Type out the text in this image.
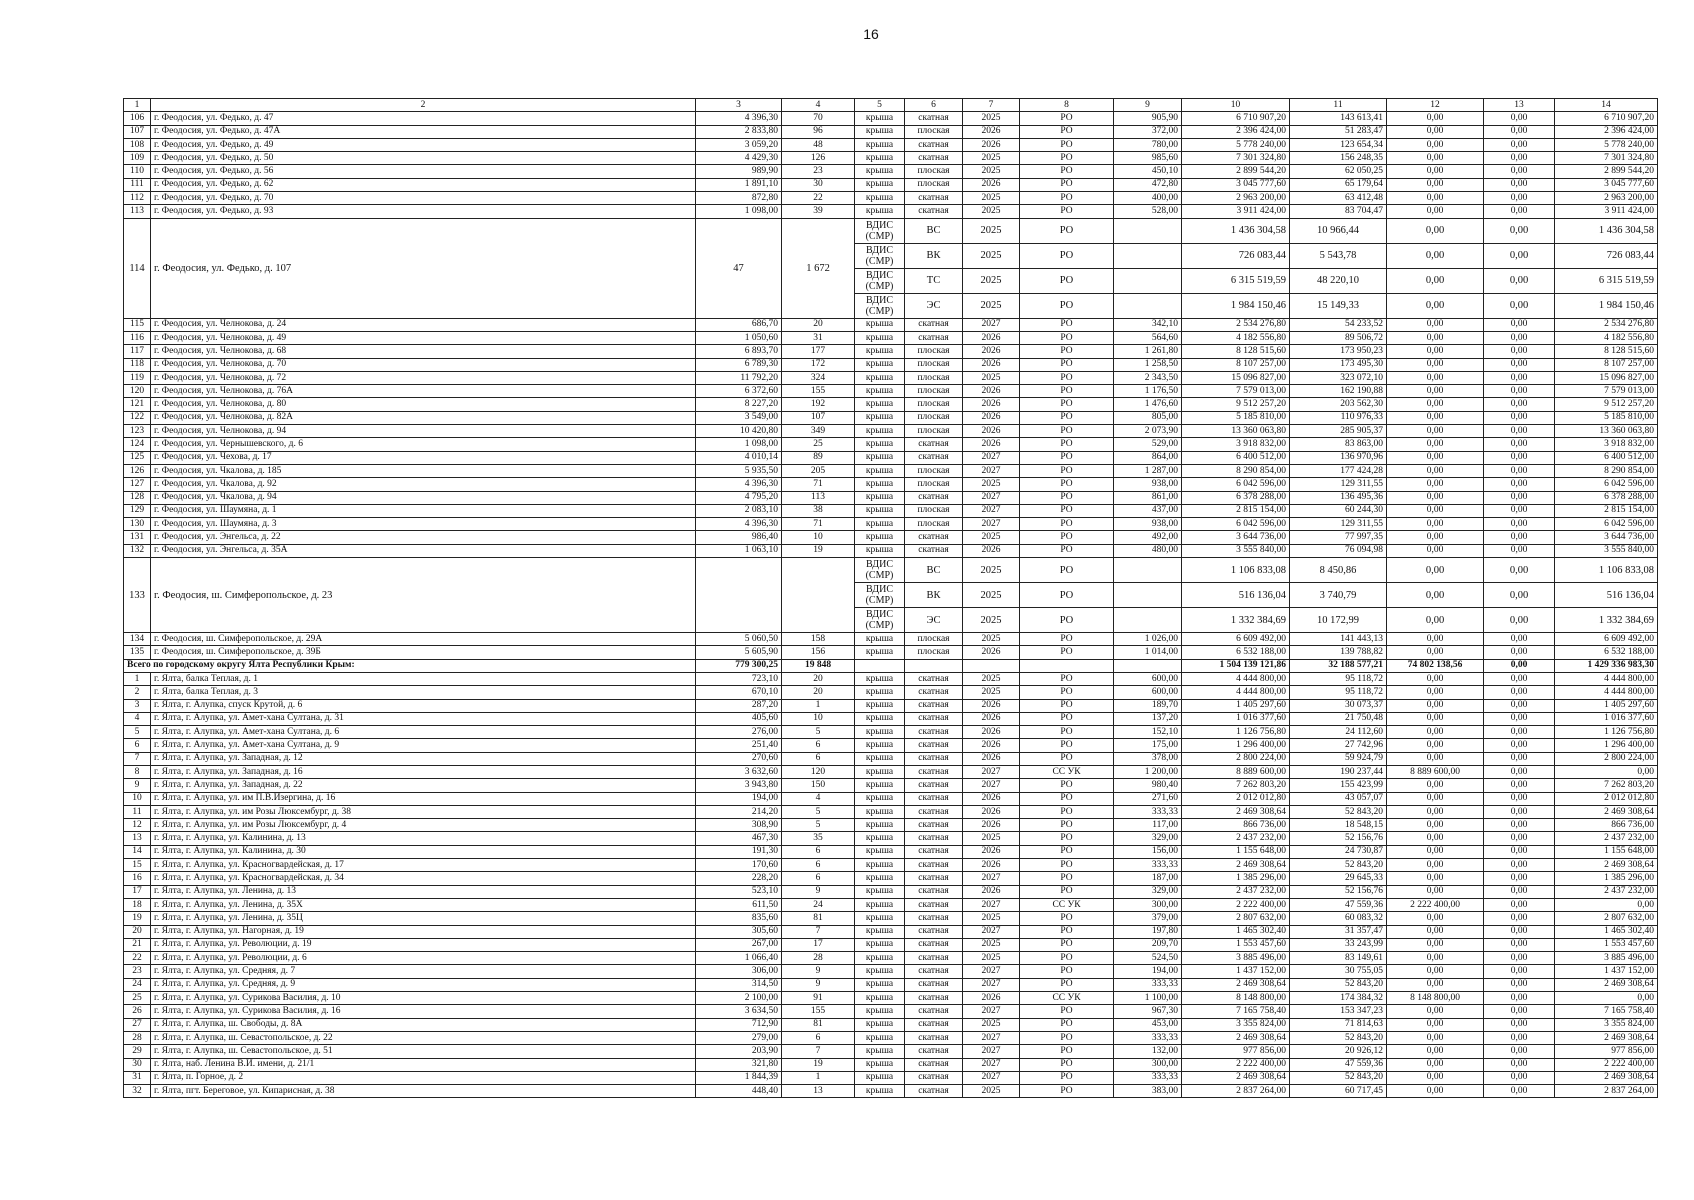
16
1	2	3	4	5	6	7	8	9	10	11	12	13	14
106	г. Феодосия, ул. Федько, д. 47	4 396,30	70	крыша	скатная	2025	РО	905,90	6 710 907,20	143 613,41	0,00	0,00	6 710 907,20
107	г. Феодосия, ул. Федько, д. 47А	2 833,80	96	крыша	плоская	2026	РО	372,00	2 396 424,00	51 283,47	0,00	0,00	2 396 424,00
108	г. Феодосия, ул. Федько, д. 49	3 059,20	48	крыша	скатная	2026	РО	780,00	5 778 240,00	123 654,34	0,00	0,00	5 778 240,00
109	г. Феодосия, ул. Федько, д. 50	4 429,30	126	крыша	скатная	2025	РО	985,60	7 301 324,80	156 248,35	0,00	0,00	7 301 324,80
110	г. Феодосия, ул. Федько, д. 56	989,90	23	крыша	плоская	2025	РО	450,10	2 899 544,20	62 050,25	0,00	0,00	2 899 544,20
111	г. Феодосия, ул. Федько, д. 62	1 891,10	30	крыша	плоская	2026	РО	472,80	3 045 777,60	65 179,64	0,00	0,00	3 045 777,60
112	г. Феодосия, ул. Федько, д. 70	872,80	22	крыша	скатная	2025	РО	400,00	2 963 200,00	63 412,48	0,00	0,00	2 963 200,00
113	г. Феодосия, ул. Федько, д. 93	1 098,00	39	крыша	скатная	2025	РО	528,00	3 911 424,00	83 704,47	0,00	0,00	3 911 424,00
114	г. Феодосия, ул. Федько, д. 107	47	1 672	ВДИС (СМР)	ВС	2025	РО		1 436 304,58	10 966,44	0,00	0,00	1 436 304,58
				ВДИС (СМР)	ВК	2025	РО		726 083,44	5 543,78	0,00	0,00	726 083,44
				ВДИС (СМР)	ТС	2025	РО		6 315 519,59	48 220,10	0,00	0,00	6 315 519,59
				ВДИС (СМР)	ЭС	2025	РО		1 984 150,46	15 149,33	0,00	0,00	1 984 150,46
115	г. Феодосия, ул. Челнокова, д. 24	686,70	20	крыша	скатная	2027	РО	342,10	2 534 276,80	54 233,52	0,00	0,00	2 534 276,80
116	г. Феодосия, ул. Челнокова, д. 49	1 050,60	31	крыша	скатная	2026	РО	564,60	4 182 556,80	89 506,72	0,00	0,00	4 182 556,80
117	г. Феодосия, ул. Челнокова, д. 68	6 893,70	177	крыша	плоская	2026	РО	1 261,80	8 128 515,60	173 950,23	0,00	0,00	8 128 515,60
118	г. Феодосия, ул. Челнокова, д. 70	6 789,30	172	крыша	плоская	2026	РО	1 258,50	8 107 257,00	173 495,30	0,00	0,00	8 107 257,00
119	г. Феодосия, ул. Челнокова, д. 72	11 792,20	324	крыша	плоская	2025	РО	2 343,50	15 096 827,00	323 072,10	0,00	0,00	15 096 827,00
120	г. Феодосия, ул. Челнокова, д. 76А	6 372,60	155	крыша	плоская	2026	РО	1 176,50	7 579 013,00	162 190,88	0,00	0,00	7 579 013,00
121	г. Феодосия, ул. Челнокова, д. 80	8 227,20	192	крыша	плоская	2026	РО	1 476,60	9 512 257,20	203 562,30	0,00	0,00	9 512 257,20
122	г. Феодосия, ул. Челнокова, д. 82А	3 549,00	107	крыша	плоская	2026	РО	805,00	5 185 810,00	110 976,33	0,00	0,00	5 185 810,00
123	г. Феодосия, ул. Челнокова, д. 94	10 420,80	349	крыша	плоская	2026	РО	2 073,90	13 360 063,80	285 905,37	0,00	0,00	13 360 063,80
124	г. Феодосия, ул. Чернышевского, д. 6	1 098,00	25	крыша	скатная	2026	РО	529,00	3 918 832,00	83 863,00	0,00	0,00	3 918 832,00
125	г. Феодосия, ул. Чехова, д. 17	4 010,14	89	крыша	скатная	2027	РО	864,00	6 400 512,00	136 970,96	0,00	0,00	6 400 512,00
126	г. Феодосия, ул. Чкалова, д. 185	5 935,50	205	крыша	плоская	2027	РО	1 287,00	8 290 854,00	177 424,28	0,00	0,00	8 290 854,00
127	г. Феодосия, ул. Чкалова, д. 92	4 396,30	71	крыша	плоская	2025	РО	938,00	6 042 596,00	129 311,55	0,00	0,00	6 042 596,00
128	г. Феодосия, ул. Чкалова, д. 94	4 795,20	113	крыша	скатная	2027	РО	861,00	6 378 288,00	136 495,36	0,00	0,00	6 378 288,00
129	г. Феодосия, ул. Шаумяна, д. 1	2 083,10	38	крыша	плоская	2027	РО	437,00	2 815 154,00	60 244,30	0,00	0,00	2 815 154,00
130	г. Феодосия, ул. Шаумяна, д. 3	4 396,30	71	крыша	плоская	2027	РО	938,00	6 042 596,00	129 311,55	0,00	0,00	6 042 596,00
131	г. Феодосия, ул. Энгельса, д. 22	986,40	10	крыша	скатная	2025	РО	492,00	3 644 736,00	77 997,35	0,00	0,00	3 644 736,00
132	г. Феодосия, ул. Энгельса, д. 35А	1 063,10	19	крыша	скатная	2026	РО	480,00	3 555 840,00	76 094,98	0,00	0,00	3 555 840,00
133	г. Феодосия, ш. Симферопольское, д. 23			ВДИС (СМР)	ВС	2025	РО		1 106 833,08	8 450,86	0,00	0,00	1 106 833,08
				ВДИС (СМР)	ВК	2025	РО		516 136,04	3 740,79	0,00	0,00	516 136,04
				ВДИС (СМР)	ЭС	2025	РО		1 332 384,69	10 172,99	0,00	0,00	1 332 384,69
134	г. Феодосия, ш. Симферопольское, д. 29А	5 060,50	158	крыша	плоская	2025	РО	1 026,00	6 609 492,00	141 443,13	0,00	0,00	6 609 492,00
135	г. Феодосия, ш. Симферопольское, д. 39Б	5 605,90	156	крыша	плоская	2026	РО	1 014,00	6 532 188,00	139 788,82	0,00	0,00	6 532 188,00
Всего по городскому округу Ялта Республики Крым:		779 300,25	19 848						1 504 139 121,86	32 188 577,21	74 802 138,56	0,00	1 429 336 983,30
1	г. Ялта, балка Теплая, д. 1	723,10	20	крыша	скатная	2025	РО	600,00	4 444 800,00	95 118,72	0,00	0,00	4 444 800,00
2	г. Ялта, балка Теплая, д. 3	670,10	20	крыша	скатная	2025	РО	600,00	4 444 800,00	95 118,72	0,00	0,00	4 444 800,00
3	г. Ялта, г. Алупка, спуск Крутой, д. 6	287,20	1	крыша	скатная	2026	РО	189,70	1 405 297,60	30 073,37	0,00	0,00	1 405 297,60
4	г. Ялта, г. Алупка, ул. Амет-хана Султана, д. 31	405,60	10	крыша	скатная	2026	РО	137,20	1 016 377,60	21 750,48	0,00	0,00	1 016 377,60
5	г. Ялта, г. Алупка, ул. Амет-хана Султана, д. 6	276,00	5	крыша	скатная	2026	РО	152,10	1 126 756,80	24 112,60	0,00	0,00	1 126 756,80
6	г. Ялта, г. Алупка, ул. Амет-хана Султана, д. 9	251,40	6	крыша	скатная	2026	РО	175,00	1 296 400,00	27 742,96	0,00	0,00	1 296 400,00
7	г. Ялта, г. Алупка, ул. Западная, д. 12	270,60	6	крыша	скатная	2026	РО	378,00	2 800 224,00	59 924,79	0,00	0,00	2 800 224,00
8	г. Ялта, г. Алупка, ул. Западная, д. 16	3 632,60	120	крыша	скатная	2027	СС УК	1 200,00	8 889 600,00	190 237,44	8 889 600,00	0,00	0,00
9	г. Ялта, г. Алупка, ул. Западная, д. 22	3 943,80	150	крыша	скатная	2027	РО	980,40	7 262 803,20	155 423,99	0,00	0,00	7 262 803,20
10	г. Ялта, г. Алупка, ул. им П.В.Изергина, д. 16	194,00	4	крыша	скатная	2026	РО	271,60	2 012 012,80	43 057,07	0,00	0,00	2 012 012,80
11	г. Ялта, г. Алупка, ул. им Розы Люксембург, д. 38	214,20	5	крыша	скатная	2026	РО	333,33	2 469 308,64	52 843,20	0,00	0,00	2 469 308,64
12	г. Ялта, г. Алупка, ул. им Розы Люксембург, д. 4	308,90	5	крыша	скатная	2026	РО	117,00	866 736,00	18 548,15	0,00	0,00	866 736,00
13	г. Ялта, г. Алупка, ул. Калинина, д. 13	467,30	35	крыша	скатная	2025	РО	329,00	2 437 232,00	52 156,76	0,00	0,00	2 437 232,00
14	г. Ялта, г. Алупка, ул. Калинина, д. 30	191,30	6	крыша	скатная	2026	РО	156,00	1 155 648,00	24 730,87	0,00	0,00	1 155 648,00
15	г. Ялта, г. Алупка, ул. Красногвардейская, д. 17	170,60	6	крыша	скатная	2026	РО	333,33	2 469 308,64	52 843,20	0,00	0,00	2 469 308,64
16	г. Ялта, г. Алупка, ул. Красногвардейская, д. 34	228,20	6	крыша	скатная	2027	РО	187,00	1 385 296,00	29 645,33	0,00	0,00	1 385 296,00
17	г. Ялта, г. Алупка, ул. Ленина, д. 13	523,10	9	крыша	скатная	2026	РО	329,00	2 437 232,00	52 156,76	0,00	0,00	2 437 232,00
18	г. Ялта, г. Алупка, ул. Ленина, д. 35Х	611,50	24	крыша	скатная	2027	СС УК	300,00	2 222 400,00	47 559,36	2 222 400,00	0,00	0,00
19	г. Ялта, г. Алупка, ул. Ленина, д. 35Ц	835,60	81	крыша	скатная	2025	РО	379,00	2 807 632,00	60 083,32	0,00	0,00	2 807 632,00
20	г. Ялта, г. Алупка, ул. Нагорная, д. 19	305,60	7	крыша	скатная	2027	РО	197,80	1 465 302,40	31 357,47	0,00	0,00	1 465 302,40
21	г. Ялта, г. Алупка, ул. Революции, д. 19	267,00	17	крыша	скатная	2025	РО	209,70	1 553 457,60	33 243,99	0,00	0,00	1 553 457,60
22	г. Ялта, г. Алупка, ул. Революции, д. 6	1 066,40	28	крыша	скатная	2025	РО	524,50	3 885 496,00	83 149,61	0,00	0,00	3 885 496,00
23	г. Ялта, г. Алупка, ул. Средняя, д. 7	306,00	9	крыша	скатная	2027	РО	194,00	1 437 152,00	30 755,05	0,00	0,00	1 437 152,00
24	г. Ялта, г. Алупка, ул. Средняя, д. 9	314,50	9	крыша	скатная	2027	РО	333,33	2 469 308,64	52 843,20	0,00	0,00	2 469 308,64
25	г. Ялта, г. Алупка, ул. Сурикова Василия, д. 10	2 100,00	91	крыша	скатная	2026	СС УК	1 100,00	8 148 800,00	174 384,32	8 148 800,00	0,00	0,00
26	г. Ялта, г. Алупка, ул. Сурикова Василия, д. 16	3 634,50	155	крыша	скатная	2027	РО	967,30	7 165 758,40	153 347,23	0,00	0,00	7 165 758,40
27	г. Ялта, г. Алупка, ш. Свободы, д. 8А	712,90	81	крыша	скатная	2025	РО	453,00	3 355 824,00	71 814,63	0,00	0,00	3 355 824,00
28	г. Ялта, г. Алупка, ш. Севастопольское, д. 22	279,00	6	крыша	скатная	2027	РО	333,33	2 469 308,64	52 843,20	0,00	0,00	2 469 308,64
29	г. Ялта, г. Алупка, ш. Севастопольское, д. 51	203,90	7	крыша	скатная	2027	РО	132,00	977 856,00	20 926,12	0,00	0,00	977 856,00
30	г. Ялта, наб. Ленина В.И. имени, д. 21/1	321,80	19	крыша	скатная	2027	РО	300,00	2 222 400,00	47 559,36	0,00	0,00	2 222 400,00
31	г. Ялта, п. Горное, д. 2	1 844,39	1	крыша	скатная	2027	РО	333,33	2 469 308,64	52 843,20	0,00	0,00	2 469 308,64
32	г. Ялта, пгт. Береговое, ул. Кипарисная, д. 38	448,40	13	крыша	скатная	2025	РО	383,00	2 837 264,00	60 717,45	0,00	0,00	2 837 264,00
